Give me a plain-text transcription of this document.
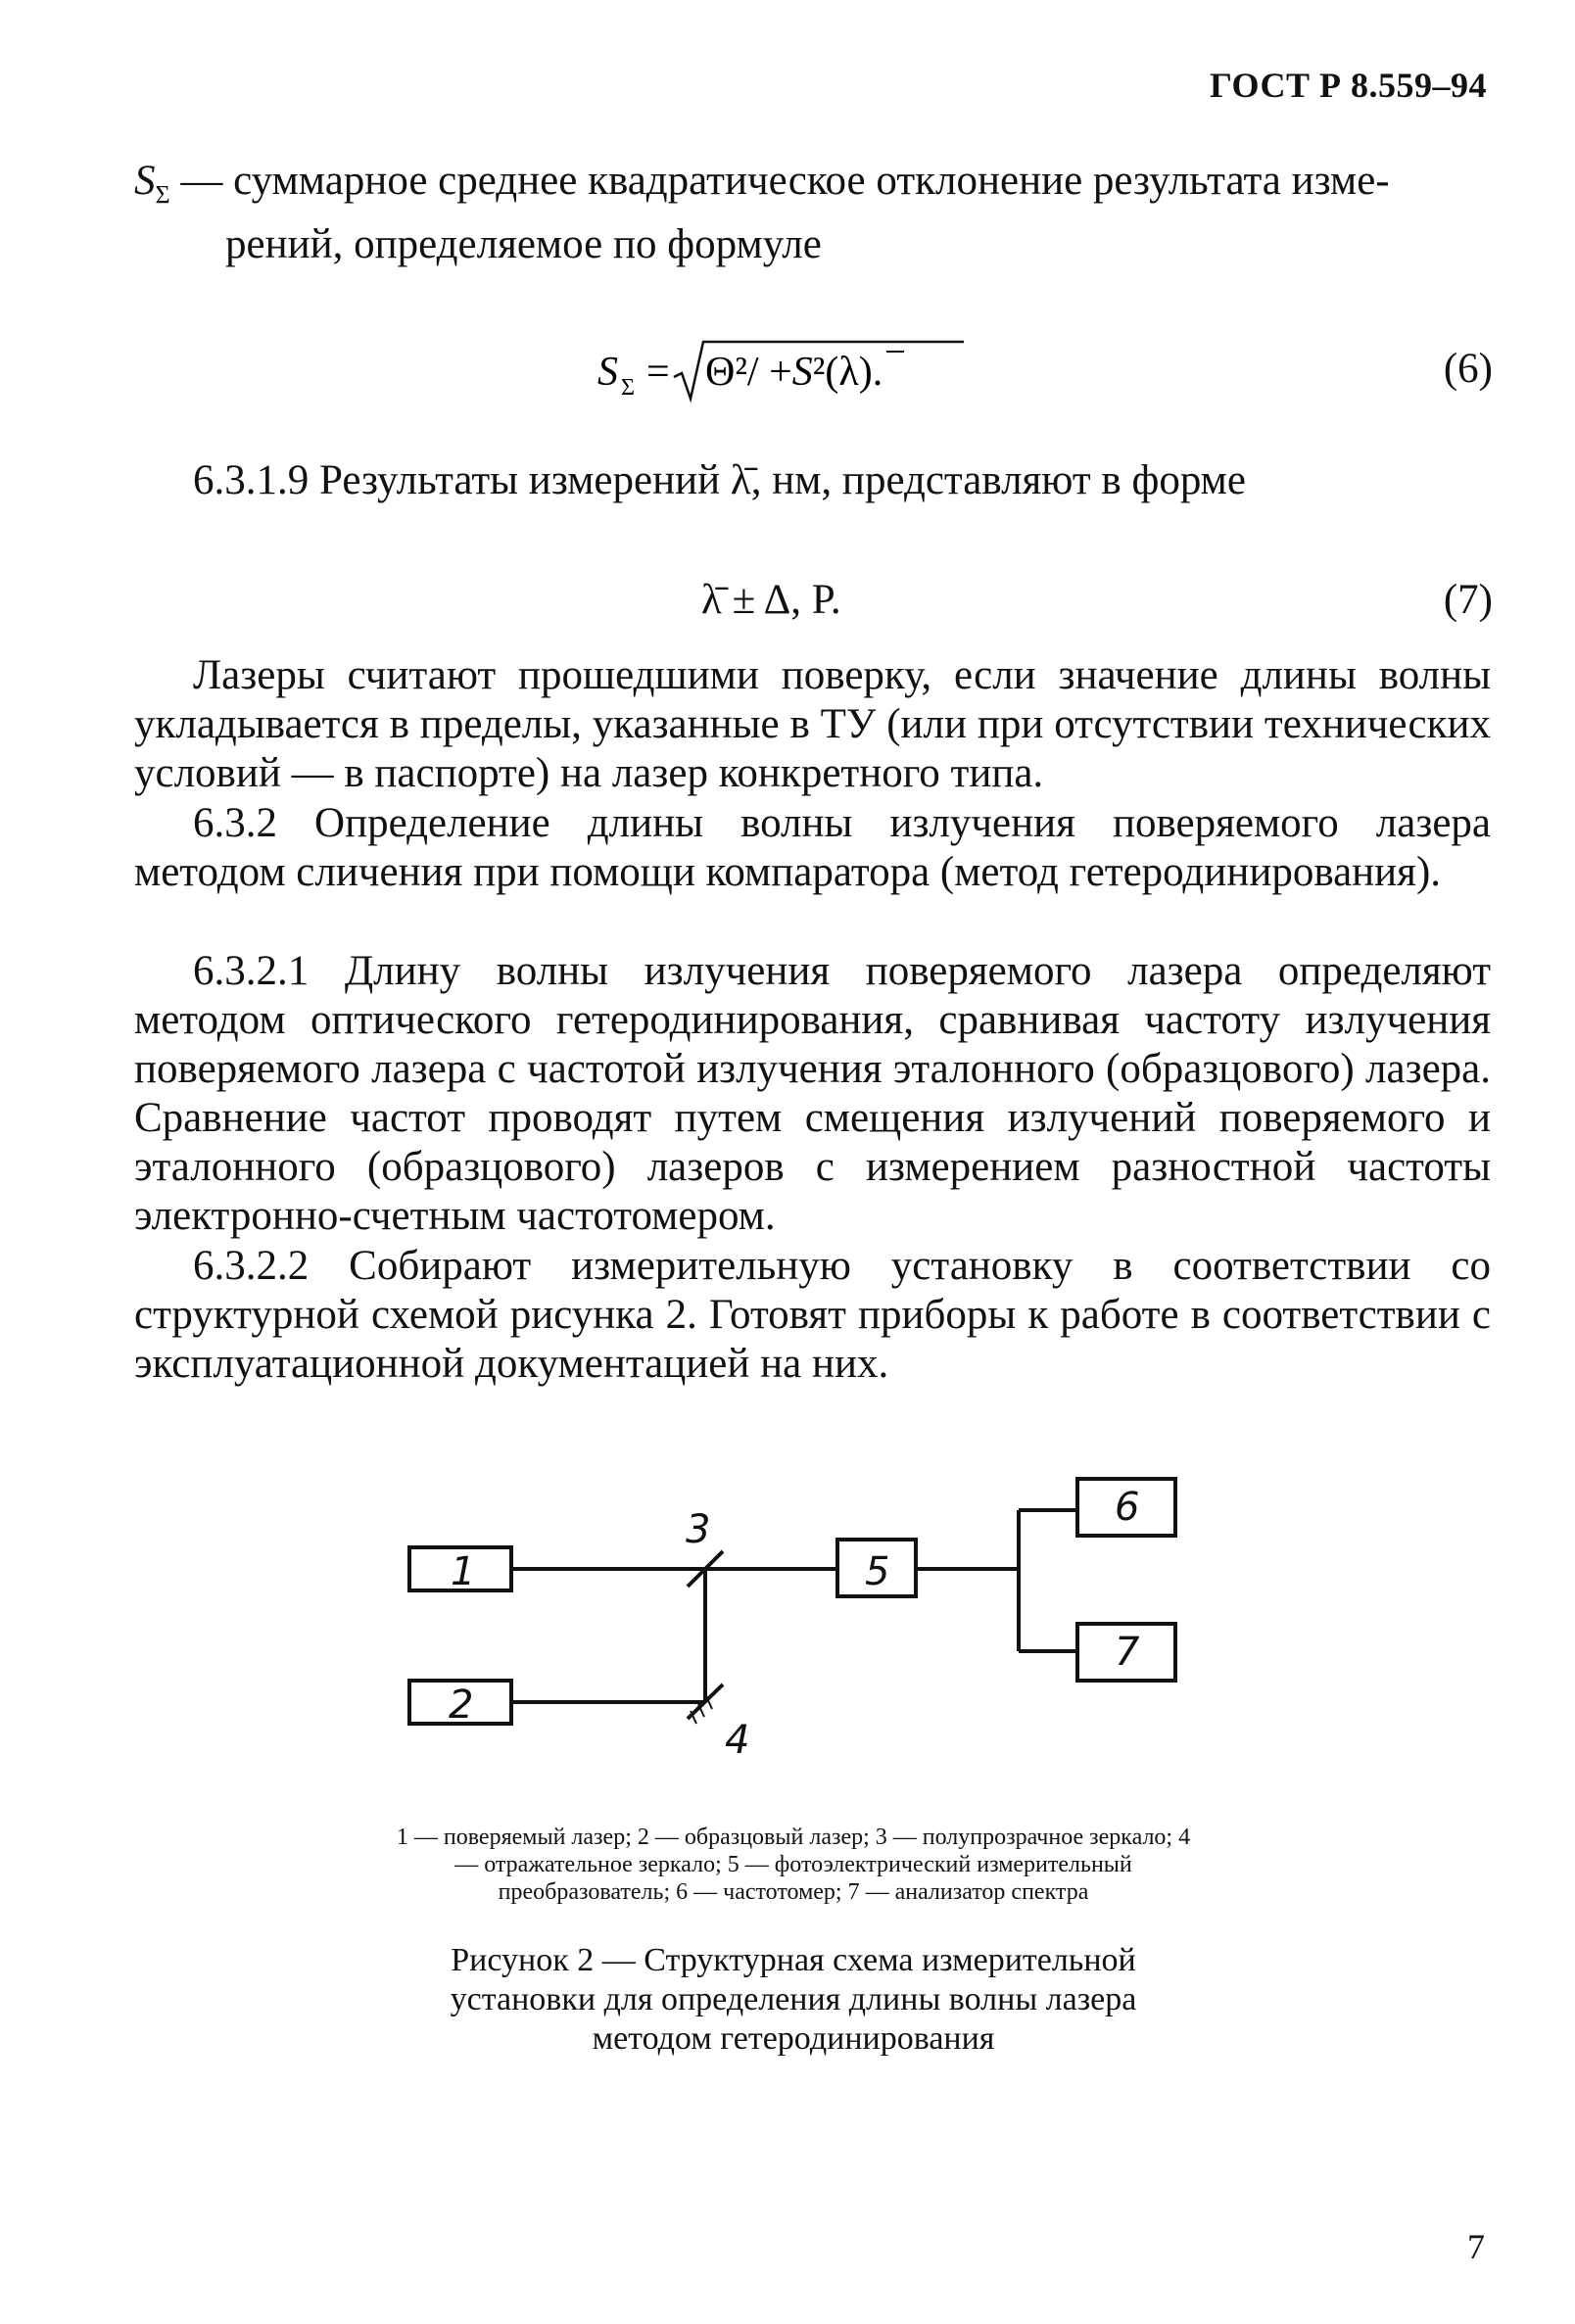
ГОСТ Р 8.559–94
$S_\Sigma$ — суммарное среднее квадратическое отклонение результата изме-
рений, определяемое по формуле
S Σ = Θ²/ +S²(λ).	(6)
6.3.1.9 Результаты измерений λ̄, нм, представляют в форме
λ̄ ± Δ, P.	(7)
Лазеры считают прошедшими поверку, если значение длины волны укладывается в пределы, указанные в ТУ (или при отсутствии технических условий — в паспорте) на лазер конкретного типа.
6.3.2 Определение длины волны излучения поверяемого лазера методом сличения при помощи компаратора (метод гетеродинирования).
6.3.2.1 Длину волны излучения поверяемого лазера определяют методом оптического гетеродинирования, сравнивая частоту излучения поверяемого лазера с частотой излучения эталонного (образцового) лазера. Сравнение частот проводят путем смещения излучений поверяемого и эталонного (образцового) лазеров с измерением разностной частоты электронно-счетным частотомером.
6.3.2.2 Собирают измерительную установку в соответствии со структурной схемой рисунка 2. Готовят приборы к работе в соответствии с эксплуатационной документацией на них.
1
2
3
4
5
6
7
1 — поверяемый лазер; 2 — образцовый лазер; 3 — полупрозрачное зеркало; 4 — отражательное зеркало; 5 — фотоэлектрический измерительный преобразователь; 6 — частотомер; 7 — анализатор спектра
Рисунок 2 — Структурная схема измерительной установки для определения длины волны лазера методом гетеродинирования
7
